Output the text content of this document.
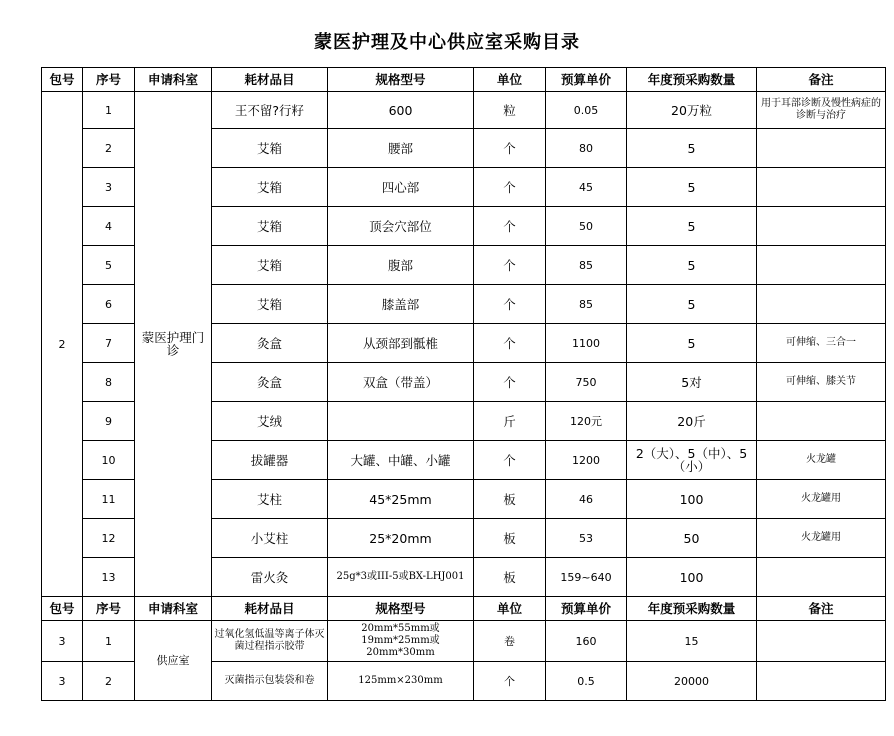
蒙医护理及中心供应室采购目录
包号	序号	申请科室	耗材品目	规格型号	单位	预算单价	年度预采购数量	备注
2	1	蒙医护理门诊	王不留?行籽	600	粒	0.05	20万粒	用于耳部诊断及慢性病症的诊断与治疗
	2		艾箱	腰部	个	80	5	
	3		艾箱	四心部	个	45	5	
	4		艾箱	顶会穴部位	个	50	5	
	5		艾箱	腹部	个	85	5	
	6		艾箱	膝盖部	个	85	5	
	7		灸盒	从颈部到骶椎	个	1100	5	可伸缩、三合一
	8		灸盒	双盒（带盖）	个	750	5对	可伸缩、膝关节
	9		艾绒		斤	120元	20斤	
	10		拔罐器	大罐、中罐、小罐	个	1200	2（大）、5（中）、5（小）	火龙罐
	11		艾柱	45*25mm	板	46	100	火龙罐用
	12		小艾柱	25*20mm	板	53	50	火龙罐用
	13		雷火灸	25g*3或III-5或BX-LHJ001	板	159~640	100	
包号	序号	申请科室	耗材品目	规格型号	单位	预算单价	年度预采购数量	备注
3	1	供应室	过氧化氢低温等离子体灭菌过程指示胶带	20mm*55mm或19mm*25mm或20mm*30mm	卷	160	15	
3	2		灭菌指示包装袋和卷	125mm×230mm	个	0.5	20000	
